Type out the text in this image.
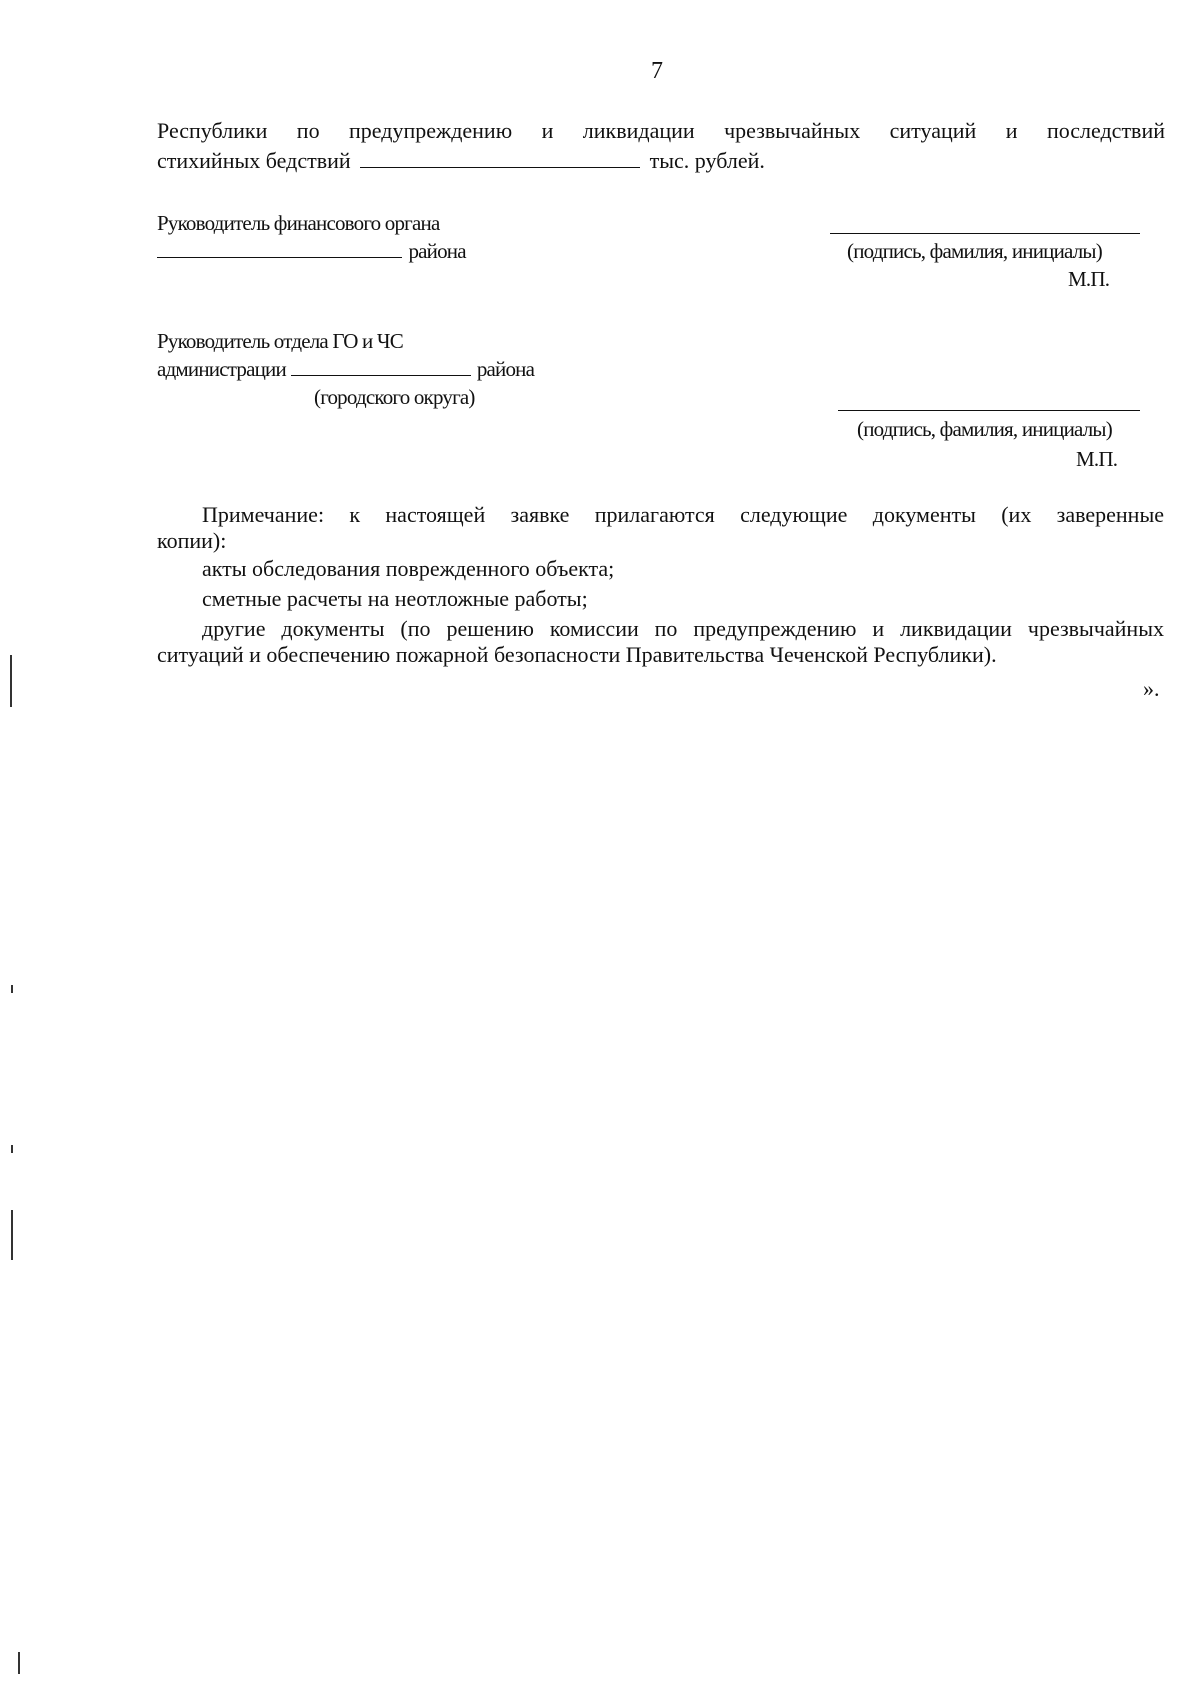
7
Республики по предупреждению и ликвидации чрезвычайных ситуаций и последствий
стихийных бедствий	тыс. рублей.
Руководитель финансового органа
района	(подпись, фамилия, инициалы)
М.П.
Руководитель отдела ГО и ЧС
администрации	района
(городского округа)
(подпись, фамилия, инициалы)
М.П.
Примечание: к настоящей заявке прилагаются следующие документы (их заверенные
копии):
акты обследования поврежденного объекта;
сметные расчеты на неотложные работы;
другие документы (по решению комиссии по предупреждению и ликвидации чрезвычайных
ситуаций и обеспечению пожарной безопасности Правительства Чеченской Республики).
».
